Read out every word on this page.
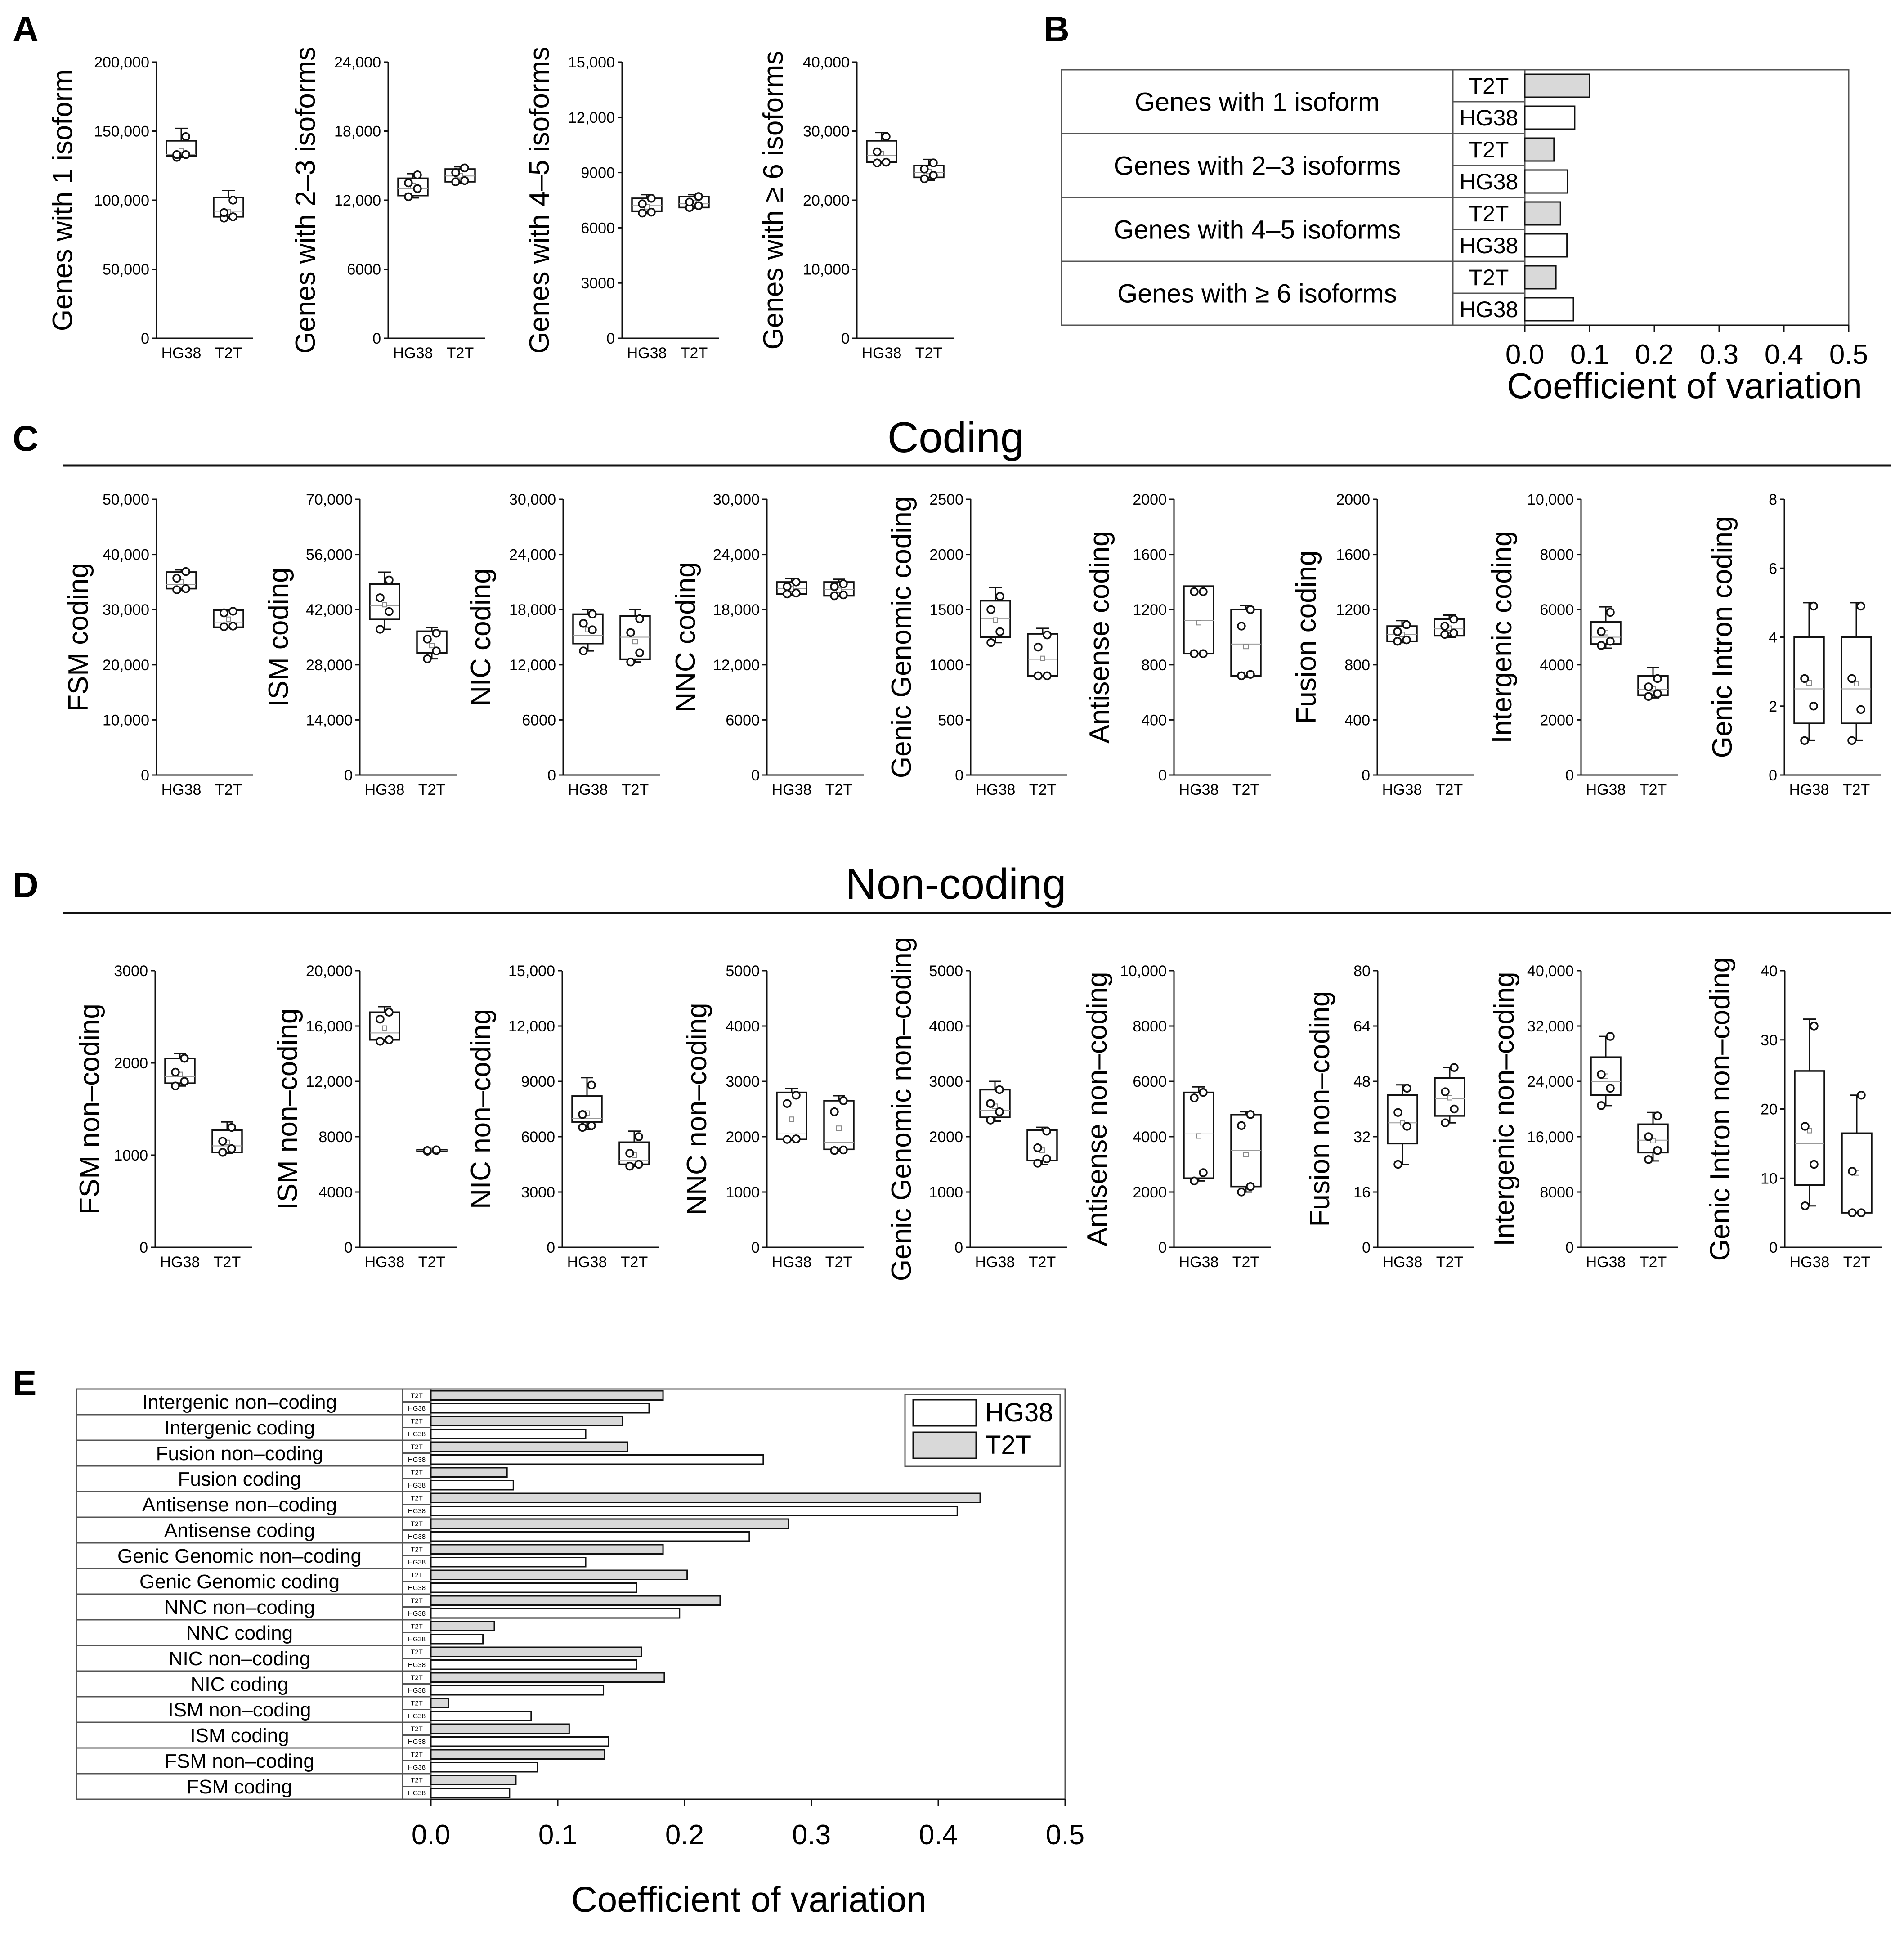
A	B
C
D
E
Coding
Non-coding
0
50,000
100,000
150,000
200,000
Genes with 1 isoform
HG38 T2T
0
6000
12,000
18,000
24,000
Genes with 2–3 isoforms	HG38 T2T
0
3000
6000
9000
12,000
15,000
Genes with 4–5 isoforms	HG38 T2T
0
10,000
20,000
30,000
40,000
Genes with ≥ 6 isoforms
HG38 T2T
Genes with 1 isoform
T2T
HG38
Genes with 2–3 isoforms
T2T
HG38
Genes with 4–5 isoforms
T2T
HG38
Genes with ≥ 6 isoforms
T2T
HG38
0.0 0.1 0.2 0.3 0.4 0.5
Coefficient of variation
0
10,000
20,000
30,000
40,000
50,000
FSM coding
HG38 T2T
0
14,000
28,000
42,000
56,000
70,000
ISM coding
HG38 T2T
0
6000
12,000
18,000
24,000
30,000
NIC coding
HG38 T2T
0
6000
12,000
18,000
24,000
30,000
NNC coding
HG38 T2T
0
500
1000
1500
2000
2500
Genic Genomic coding
HG38 T2T
0
400
800
1200
1600
2000
Antisense coding
HG38 T2T
0
400
800
1200
1600
2000
Fusion coding
HG38 T2T
0
2000
4000
6000
8000
10,000
Intergenic coding
HG38 T2T
0
2
4
6
8
Genic Intron coding
HG38 T2T
0
1000
2000
3000
FSM non–coding
HG38 T2T
0
4000
8000
12,000
16,000
20,000
ISM non–coding
HG38 T2T
0
3000
6000
9000
12,000
15,000
NIC non–coding
HG38 T2T
0
1000
2000
3000
4000
5000
NNC non–coding
HG38 T2T
0
1000
2000
3000
4000
5000
Genic Genomic non–coding	HG38 T2T
0
2000
4000
6000
8000
10,000
Antisense non–coding
HG38 T2T
0
16
32
48
64
80
Fusion non–coding
HG38 T2T
0
8000
16,000
24,000
32,000
40,000
Intergenic non–coding
HG38 T2T
0
10
20
30
40
Genic Intron non–coding
HG38 T2T
Intergenic non–coding	T2T
HG38
Intergenic coding	T2T
HG38
Fusion non–coding	T2T
HG38
Fusion coding	T2T
HG38
Antisense non–coding	T2T
HG38
Antisense coding	T2T
HG38
Genic Genomic non–coding	T2T
HG38
Genic Genomic coding	T2T
HG38
NNC non–coding	T2T
HG38
NNC coding	T2T
HG38
NIC non–coding	T2T
HG38
NIC coding	T2T
HG38
ISM non–coding	T2T
HG38
ISM coding	T2T
HG38
FSM non–coding	T2T
HG38
FSM coding	T2T
HG38
0.0	0.1	0.2	0.3	0.4	0.5
Coefficient of variation
HG38
T2T
